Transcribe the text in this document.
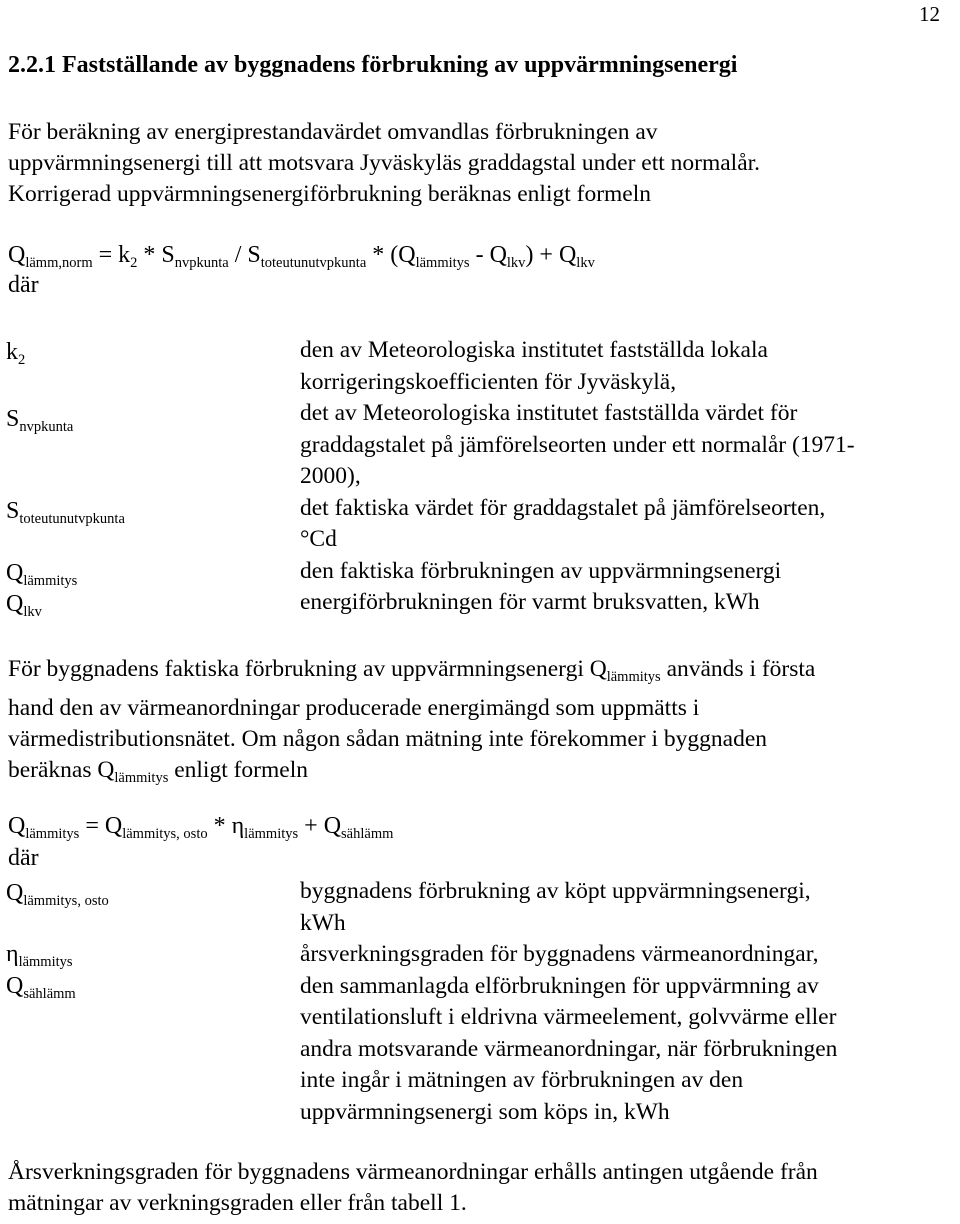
12
2.2.1 Fastställande av byggnadens förbrukning av uppvärmningsenergi
För beräkning av energiprestandavärdet omvandlas förbrukningen av
uppvärmningsenergi till att motsvara Jyväskyläs graddagstal under ett normalår.
Korrigerad uppvärmningsenergiförbrukning beräknas enligt formeln
$Q_{lämm,norm} = k_2 * S_{nvpkunta} / S_{toteutunutvpkunta} * (Q_{lämmitys} - Q_{lkv}) + Q_{lkv}$
där
$k_2$
$S_{nvpkunta}$
$S_{toteutunutvpkunta}$
$Q_{lämmitys}$
$Q_{lkv}$
den av Meteorologiska institutet fastställda lokala
korrigeringskoefficienten för Jyväskylä,
det av Meteorologiska institutet fastställda värdet för
graddagstalet på jämförelseorten under ett normalår (1971-
2000),
det faktiska värdet för graddagstalet på jämförelseorten,
°Cd
den faktiska förbrukningen av uppvärmningsenergi
energiförbrukningen för varmt bruksvatten, kWh
För byggnadens faktiska förbrukning av uppvärmningsenergi $Q_{lämmitys}$ används i första
hand den av värmeanordningar producerade energimängd som uppmätts i
värmedistributionsnätet. Om någon sådan mätning inte förekommer i byggnaden
beräknas $Q_{lämmitys}$ enligt formeln
$Q_{lämmitys} = Q_{lämmitys, osto} * \eta_{lämmitys} + Q_{sählämm}$
där
$Q_{lämmitys, osto}$
$\eta_{lämmitys}$
$Q_{sählämm}$
byggnadens förbrukning av köpt uppvärmningsenergi,
kWh
årsverkningsgraden för byggnadens värmeanordningar,
den sammanlagda elförbrukningen för uppvärmning av
ventilationsluft i eldrivna värmeelement, golvvärme eller
andra motsvarande värmeanordningar, när förbrukningen
inte ingår i mätningen av förbrukningen av den
uppvärmningsenergi som köps in, kWh
Årsverkningsgraden för byggnadens värmeanordningar erhålls antingen utgående från
mätningar av verkningsgraden eller från tabell 1.
